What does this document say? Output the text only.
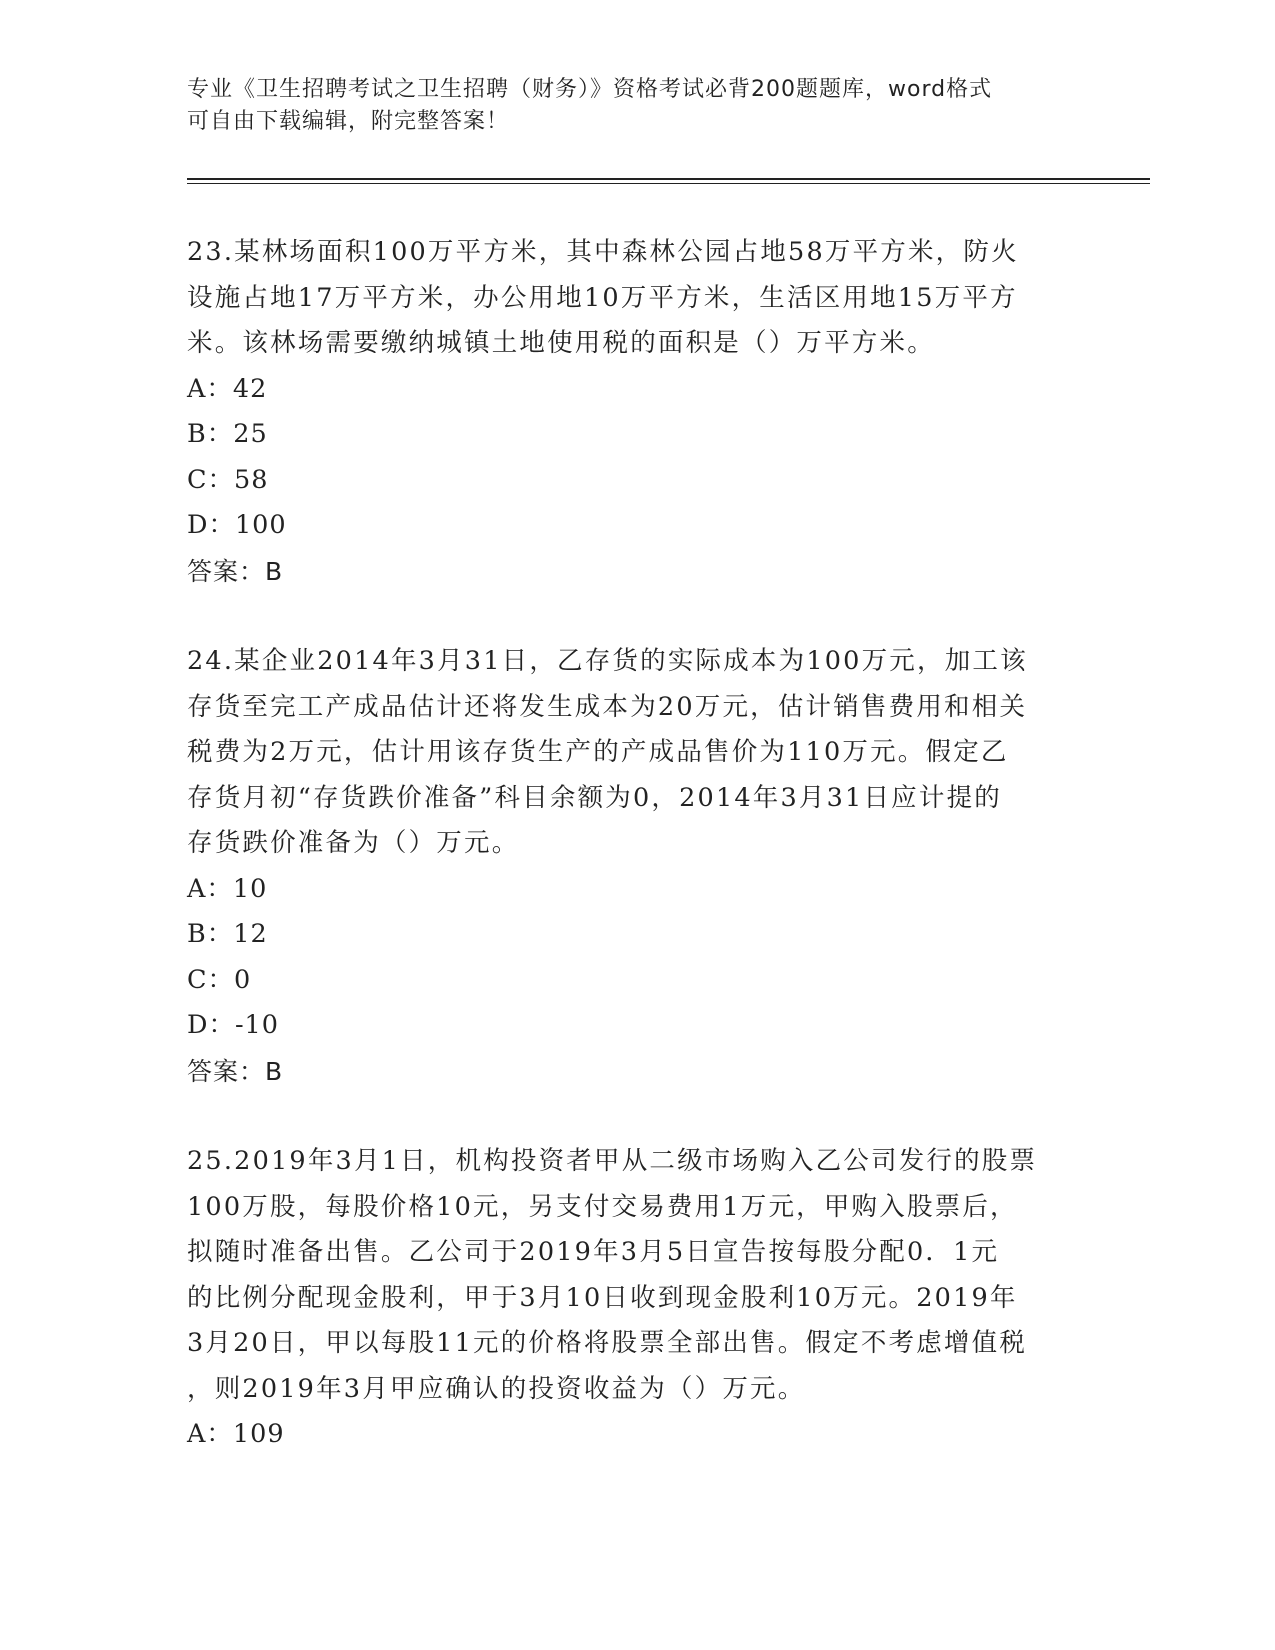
专业《卫生招聘考试之卫生招聘（财务）》资格考试必背200题题库，word格式
可自由下载编辑，附完整答案！

23.某林场面积100万平方米，其中森林公园占地58万平方米，防火

设施占地17万平方米，办公用地10万平方米，生活区用地15万平方

米。该林场需要缴纳城镇土地使用税的面积是（）万平方米。

A：42

B：25

C：58

D：100

答案：B

24.某企业2014年3月31日，乙存货的实际成本为100万元，加工该

存货至完工产成品估计还将发生成本为20万元，估计销售费用和相关

税费为2万元，估计用该存货生产的产成品售价为110万元。假定乙

存货月初“存货跌价准备”科目余额为0，2014年3月31日应计提的

存货跌价准备为（）万元。

A：10

B：12

C：0

D：-10

答案：B

25.2019年3月1日，机构投资者甲从二级市场购入乙公司发行的股票

100万股，每股价格10元，另支付交易费用1万元，甲购入股票后，

拟随时准备出售。乙公司于2019年3月5日宣告按每股分配0．1元

的比例分配现金股利，甲于3月10日收到现金股利10万元。2019年

3月20日，甲以每股11元的价格将股票全部出售。假定不考虑增值税

，则2019年3月甲应确认的投资收益为（）万元。

A：109
